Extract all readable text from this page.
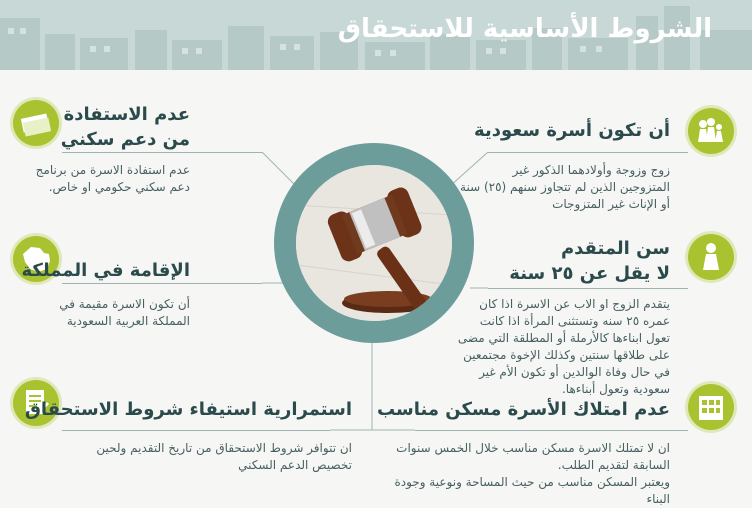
الشروط الأساسية للاستحقاق
أن تكون أسرة سعودية
زوج وزوجة وأولادهما الذكور غير المتزوجين الذين لم تتجاوز سنهم (٢٥) سنة أو الإناث غير المتزوجات
سن المتقدم
لا يقل عن ٢٥ سنة
يتقدم الزوج او الاب عن الاسرة اذا كان عمره ٢٥ سنه وتستثنى المرأة اذا كانت تعول ابناءها كالأرملة أو المطلقة التي مضى على طلاقها سنتين وكذلك الإخوة مجتمعين في حال وفاة الوالدين أو تكون الأم غير سعودية وتعول أبناءها.
عدم امتلاك الأسرة مسكن مناسب
ان لا تمتلك الاسرة مسكن مناسب خلال الخمس سنوات السابقة لتقديم الطلب.
ويعتبر المسكن مناسب من حيث المساحة ونوعية وجودة البناء
عدم الاستفادة
من دعم سكني
عدم استفادة الاسرة من برنامج دعم سكني حكومي او خاص.
الإقامة في المملكة
أن تكون الاسرة مقيمة في المملكة العربية السعودية
استمرارية استيفاء شروط الاستحقاق
ان تتوافر شروط الاستحقاق من تاريخ التقديم ولحين تخصيص الدعم السكني
